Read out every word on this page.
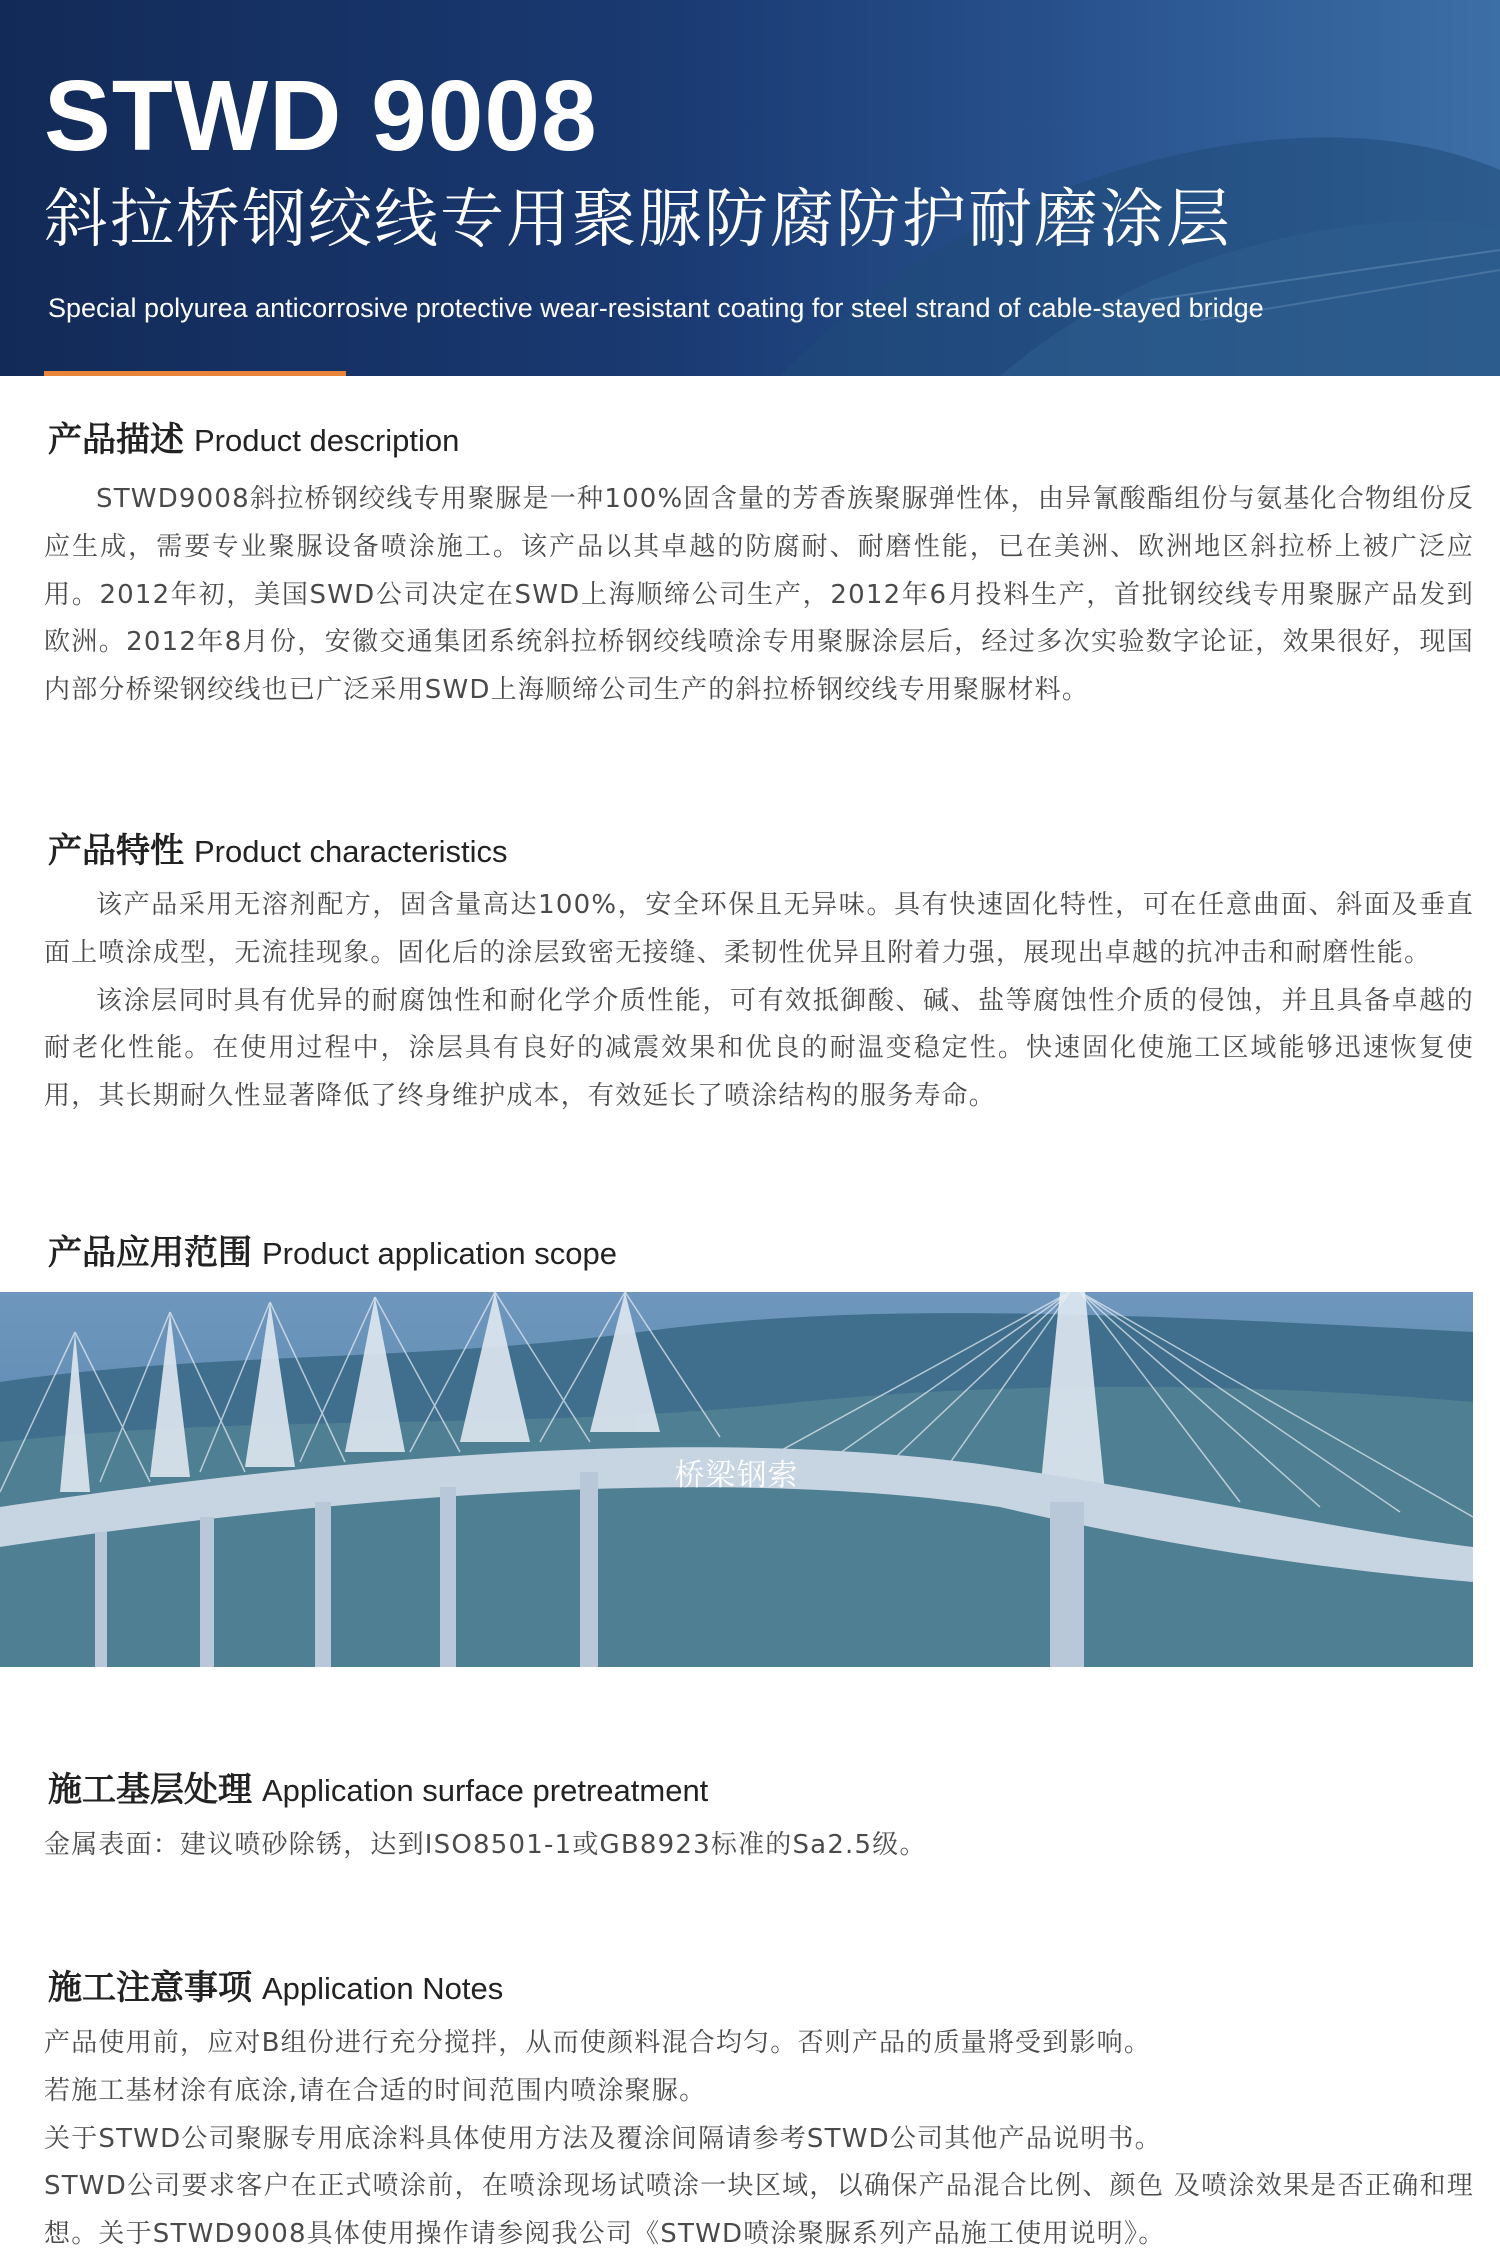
STWD 9008
斜拉桥钢绞线专用聚脲防腐防护耐磨涂层
Special polyurea anticorrosive protective wear-resistant coating for steel strand of cable-stayed bridge
产品描述 Product description
STWD9008斜拉桥钢绞线专用聚脲是一种100%固含量的芳香族聚脲弹性体，由异氰酸酯组份与氨基化合物组份反应生成，需要专业聚脲设备喷涂施工。该产品以其卓越的防腐耐、耐磨性能，已在美洲、欧洲地区斜拉桥上被广泛应用。2012年初，美国SWD公司决定在SWD上海顺缔公司生产，2012年6月投料生产，首批钢绞线专用聚脲产品发到欧洲。2012年8月份，安徽交通集团系统斜拉桥钢绞线喷涂专用聚脲涂层后，经过多次实验数字论证，效果很好，现国内部分桥梁钢绞线也已广泛采用SWD上海顺缔公司生产的斜拉桥钢绞线专用聚脲材料。
产品特性 Product characteristics
该产品采用无溶剂配方，固含量高达100%，安全环保且无异味。具有快速固化特性，可在任意曲面、斜面及垂直面上喷涂成型，无流挂现象。固化后的涂层致密无接缝、柔韧性优异且附着力强，展现出卓越的抗冲击和耐磨性能。
该涂层同时具有优异的耐腐蚀性和耐化学介质性能，可有效抵御酸、碱、盐等腐蚀性介质的侵蚀，并且具备卓越的耐老化性能。在使用过程中，涂层具有良好的减震效果和优良的耐温变稳定性。快速固化使施工区域能够迅速恢复使用，其长期耐久性显著降低了终身维护成本，有效延长了喷涂结构的服务寿命。
产品应用范围 Product application scope
桥梁钢索
施工基层处理 Application surface pretreatment
金属表面：建议喷砂除锈，达到ISO8501-1或GB8923标准的Sa2.5级。
施工注意事项 Application Notes
产品使用前，应对B组份进行充分搅拌，从而使颜料混合均匀。否则产品的质量將受到影响。
若施工基材涂有底涂,请在合适的时间范围内喷涂聚脲。
关于STWD公司聚脲专用底涂料具体使用方法及覆涂间隔请参考STWD公司其他产品说明书。
STWD公司要求客户在正式喷涂前，在喷涂现场试喷涂一块区域，以确保产品混合比例、颜色 及喷涂效果是否正确和理想。关于STWD9008具体使用操作请参阅我公司《STWD喷涂聚脲系列产品施工使用说明》。
